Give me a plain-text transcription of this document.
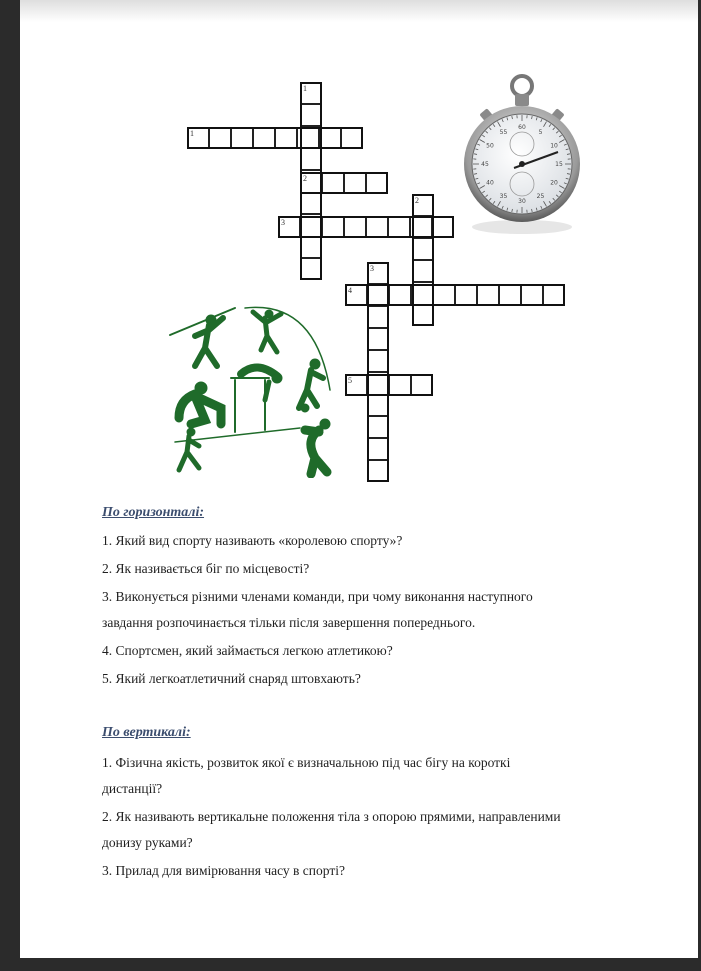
1
1
2
2
3
3
4
5
60
5
10
15
20
25
30
35
40
45
50
55
По горизонталі:
1. Який вид спорту називають «королевою спорту»?
2. Як називається біг по місцевості?
3. Виконується різними членами команди, при чому виконання наступного
завдання розпочинається тільки після завершення попереднього.
4. Спортсмен, який займається легкою атлетикою?
5. Який легкоатлетичний снаряд штовхають?
По вертикалі:
1. Фізична якість, розвиток якої є визначальною під час бігу на короткі
дистанції?
2. Як називають вертикальне положення тіла з опорою прямими, направленими
донизу руками?
3. Прилад для вимірювання часу в спорті?
